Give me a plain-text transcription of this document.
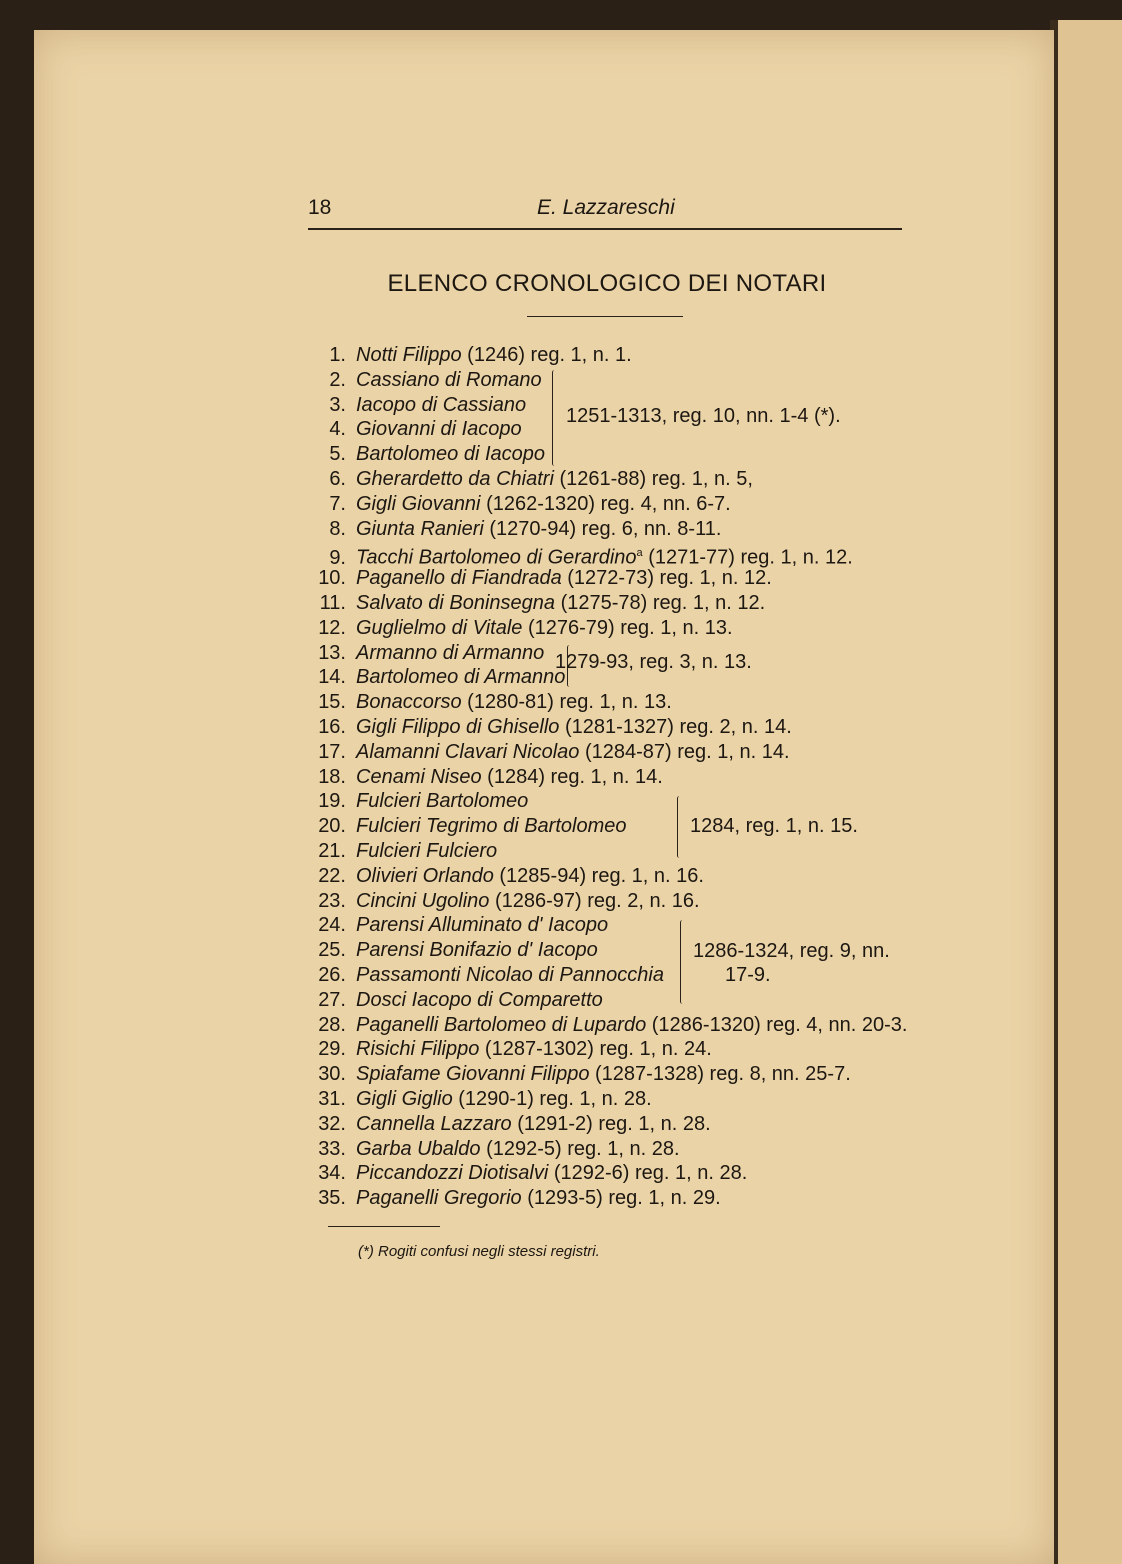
18	E. Lazzareschi
ELENCO CRONOLOGICO DEI NOTARI
1. Notti Filippo (1246) reg. 1, n. 1.
2. Cassiano di Romano
3. Iacopo di Cassiano
4. Giovanni di Iacopo
5. Bartolomeo di Iacopo
6. Gherardetto da Chiatri (1261-88) reg. 1, n. 5,
7. Gigli Giovanni (1262-1320) reg. 4, nn. 6-7.
8. Giunta Ranieri (1270-94) reg. 6, nn. 8-11.
9. Tacchi Bartolomeo di Gerardino$^a$ (1271-77) reg. 1, n. 12.
10. Paganello di Fiandrada (1272-73) reg. 1, n. 12.
11. Salvato di Boninsegna (1275-78) reg. 1, n. 12.
12. Guglielmo di Vitale (1276-79) reg. 1, n. 13.
13. Armanno di Armanno
14. Bartolomeo di Armanno
15. Bonaccorso (1280-81) reg. 1, n. 13.
16. Gigli Filippo di Ghisello (1281-1327) reg. 2, n. 14.
17. Alamanni Clavari Nicolao (1284-87) reg. 1, n. 14.
18. Cenami Niseo (1284) reg. 1, n. 14.
19. Fulcieri Bartolomeo
20. Fulcieri Tegrimo di Bartolomeo
21. Fulcieri Fulciero
22. Olivieri Orlando (1285-94) reg. 1, n. 16.
23. Cincini Ugolino (1286-97) reg. 2, n. 16.
24. Parensi Alluminato d' Iacopo
25. Parensi Bonifazio d' Iacopo
26. Passamonti Nicolao di Pannocchia
27. Dosci Iacopo di Comparetto
28. Paganelli Bartolomeo di Lupardo (1286-1320) reg. 4, nn. 20-3.
29. Risichi Filippo (1287-1302) reg. 1, n. 24.
30. Spiafame Giovanni Filippo (1287-1328) reg. 8, nn. 25-7.
31. Gigli Giglio (1290-1) reg. 1, n. 28.
32. Cannella Lazzaro (1291-2) reg. 1, n. 28.
33. Garba Ubaldo (1292-5) reg. 1, n. 28.
34. Piccandozzi Diotisalvi (1292-6) reg. 1, n. 28.
35. Paganelli Gregorio (1293-5) reg. 1, n. 29.
1251-1313, reg. 10, nn. 1-4 (*).
1279-93, reg. 3, n. 13.
1284, reg. 1, n. 15.
1286-1324, reg. 9, nn.
17-9.
(*) Rogiti confusi negli stessi registri.
